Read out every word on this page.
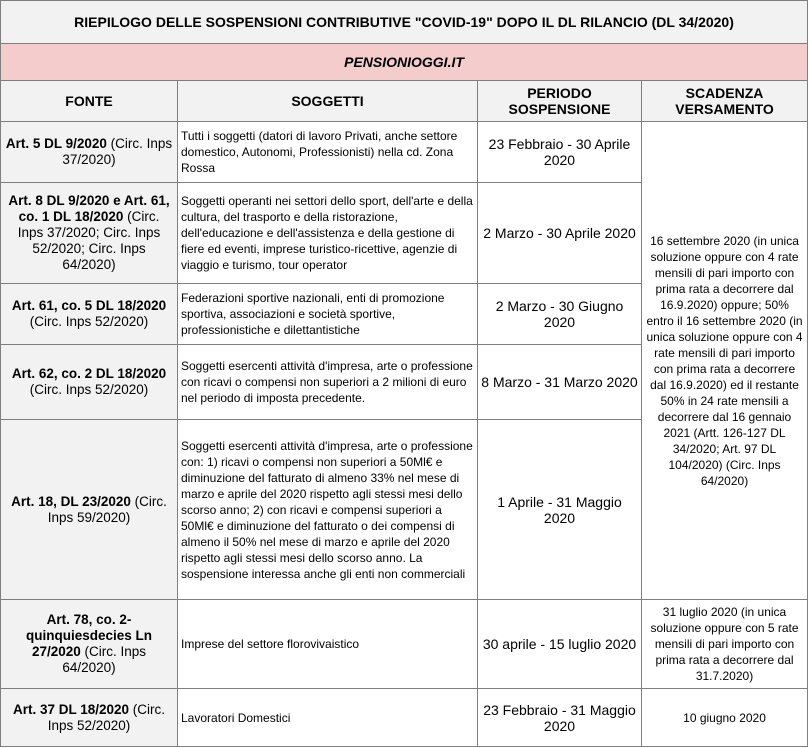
RIEPILOGO DELLE SOSPENSIONI CONTRIBUTIVE "COVID-19" DOPO IL DL RILANCIO (DL 34/2020)			
PENSIONIOGGI.IT			
FONTE	SOGGETTI	PERIODO SOSPENSIONE	SCADENZA VERSAMENTO
Art. 5 DL 9/2020 (Circ. Inps 37/2020)	Tutti i soggetti (datori di lavoro Privati, anche settore domestico, Autonomi, Professionisti) nella cd. Zona Rossa	23 Febbraio - 30 Aprile 2020	16 settembre 2020 (in unica soluzione oppure con 4 rate mensili di pari importo con prima rata a decorrere dal 16.9.2020) oppure; 50% entro il 16 settembre 2020 (in unica soluzione oppure con 4 rate mensili di pari importo con prima rata a decorrere dal 16.9.2020) ed il restante 50% in 24 rate mensili a decorrere dal 16 gennaio 2021 (Artt. 126-127 DL 34/2020; Art. 97 DL 104/2020) (Circ. Inps 64/2020)
Art. 8 DL 9/2020 e Art. 61, co. 1 DL 18/2020 (Circ. Inps 37/2020; Circ. Inps 52/2020; Circ. Inps 64/2020)	Soggetti operanti nei settori dello sport, dell'arte e della cultura, del trasporto e della ristorazione, dell'educazione e dell'assistenza e della gestione di fiere ed eventi, imprese turistico-ricettive, agenzie di viaggio e turismo, tour operator	2 Marzo - 30 Aprile 2020	
Art. 61, co. 5 DL 18/2020 (Circ. Inps 52/2020)	Federazioni sportive nazionali, enti di promozione sportiva, associazioni e società sportive, professionistiche e dilettantistiche	2 Marzo - 30 Giugno 2020	
Art. 62, co. 2 DL 18/2020 (Circ. Inps 52/2020)	Soggetti esercenti attività d'impresa, arte o professione con ricavi o compensi non superiori a 2 milioni di euro nel periodo di imposta precedente.	8 Marzo - 31 Marzo 2020	
Art. 18, DL 23/2020 (Circ. Inps 59/2020)	Soggetti esercenti attività d'impresa, arte o professione con: 1) ricavi o compensi non superiori a 50Ml€ e diminuzione del fatturato di almeno 33% nel mese di marzo e aprile del 2020 rispetto agli stessi mesi dello scorso anno; 2) con ricavi e compensi superiori a 50Ml€ e diminuzione del fatturato o dei compensi di almeno il 50% nel mese di marzo e aprile del 2020 rispetto agli stessi mesi dello scorso anno. La sospensione interessa anche gli enti non commerciali	1 Aprile - 31 Maggio 2020	
Art. 78, co. 2-quinquiesdecies Ln 27/2020 (Circ. Inps 64/2020)	Imprese del settore florovivaistico	30 aprile - 15 luglio 2020	31 luglio 2020 (in unica soluzione oppure con 5 rate mensili di pari importo con prima rata a decorrere dal 31.7.2020)
Art. 37 DL 18/2020 (Circ. Inps 52/2020)	Lavoratori Domestici	23 Febbraio - 31 Maggio 2020	10 giugno 2020
